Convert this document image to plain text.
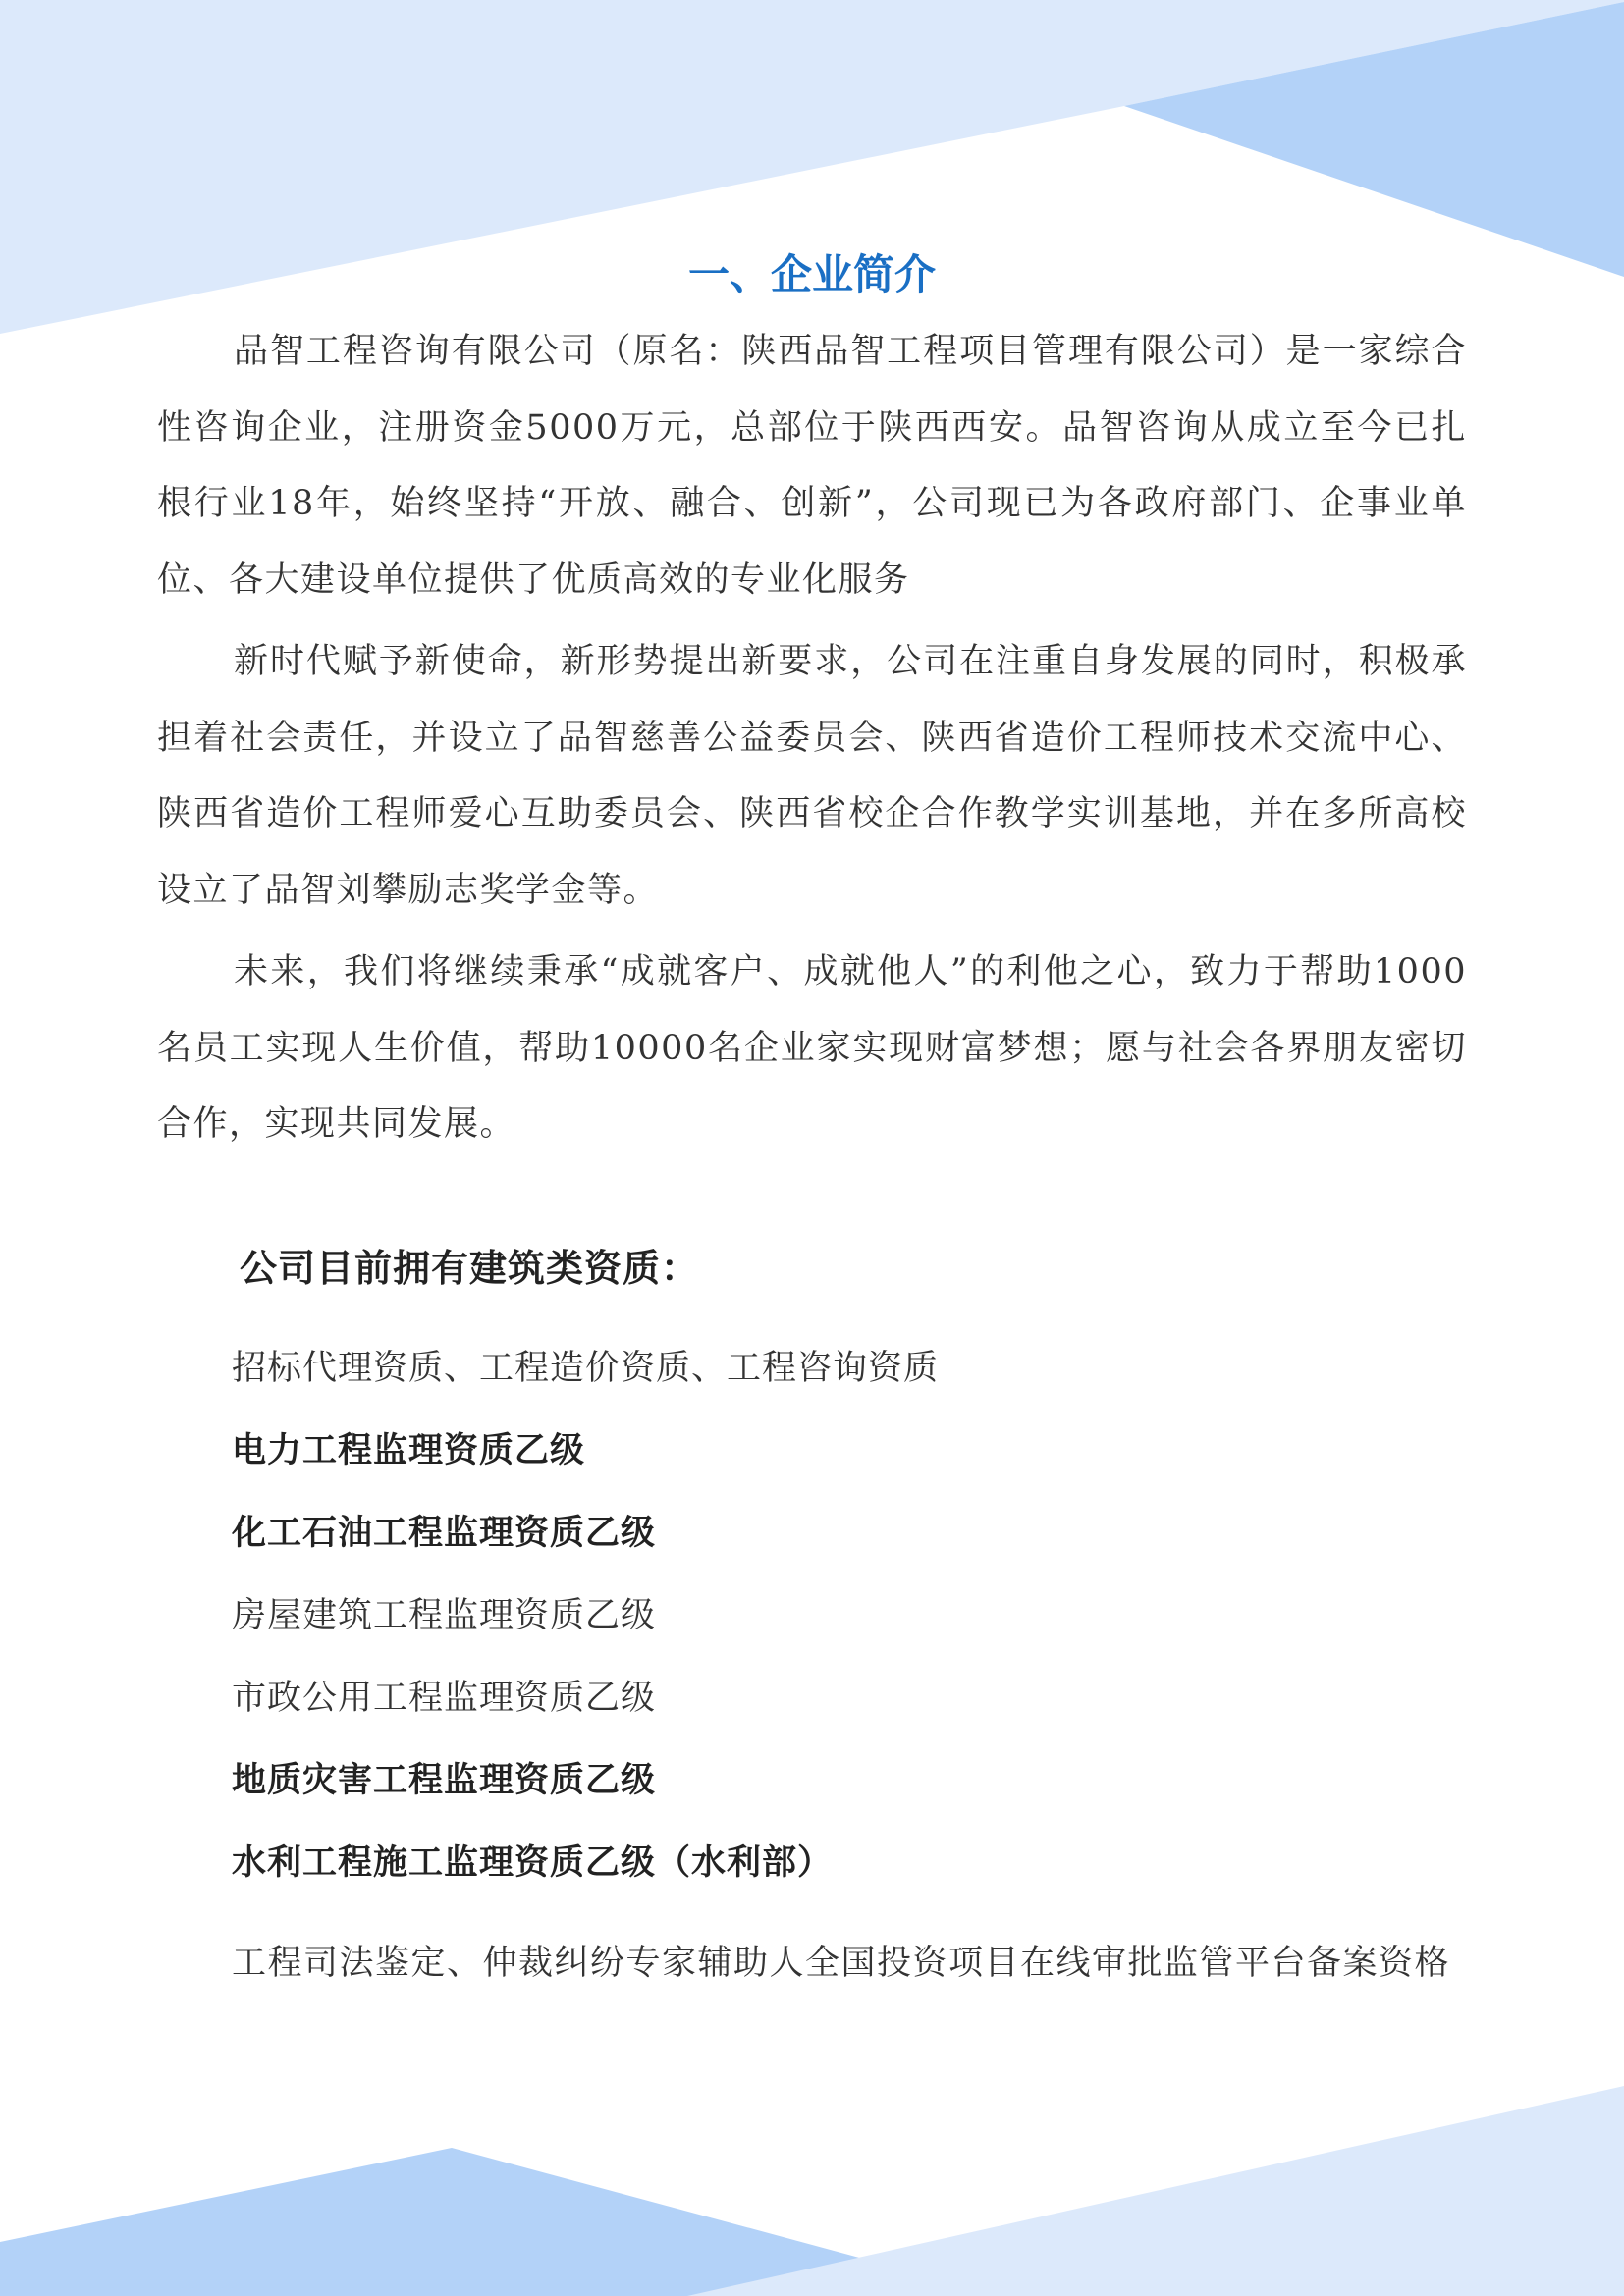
一、企业简介

品智工程咨询有限公司（原名：陕西品智工程项目管理有限公司）是一家综合性咨询企业，注册资金5000万元，总部位于陕西西安。品智咨询从成立至今已扎根行业18年，始终坚持“开放、融合、创新”，公司现已为各政府部门、企事业单位、各大建设单位提供了优质高效的专业化服务

新时代赋予新使命，新形势提出新要求，公司在注重自身发展的同时，积极承担着社会责任，并设立了品智慈善公益委员会、陕西省造价工程师技术交流中心、陕西省造价工程师爱心互助委员会、陕西省校企合作教学实训基地，并在多所高校设立了品智刘攀励志奖学金等。

未来，我们将继续秉承“成就客户、成就他人”的利他之心，致力于帮助1000名员工实现人生价值，帮助10000名企业家实现财富梦想；愿与社会各界朋友密切合作，实现共同发展。

公司目前拥有建筑类资质：
招标代理资质、工程造价资质、工程咨询资质
电力工程监理资质乙级
化工石油工程监理资质乙级
房屋建筑工程监理资质乙级
市政公用工程监理资质乙级
地质灾害工程监理资质乙级
水利工程施工监理资质乙级（水利部）

工程司法鉴定、仲裁纠纷专家辅助人全国投资项目在线审批监管平台备案资格
